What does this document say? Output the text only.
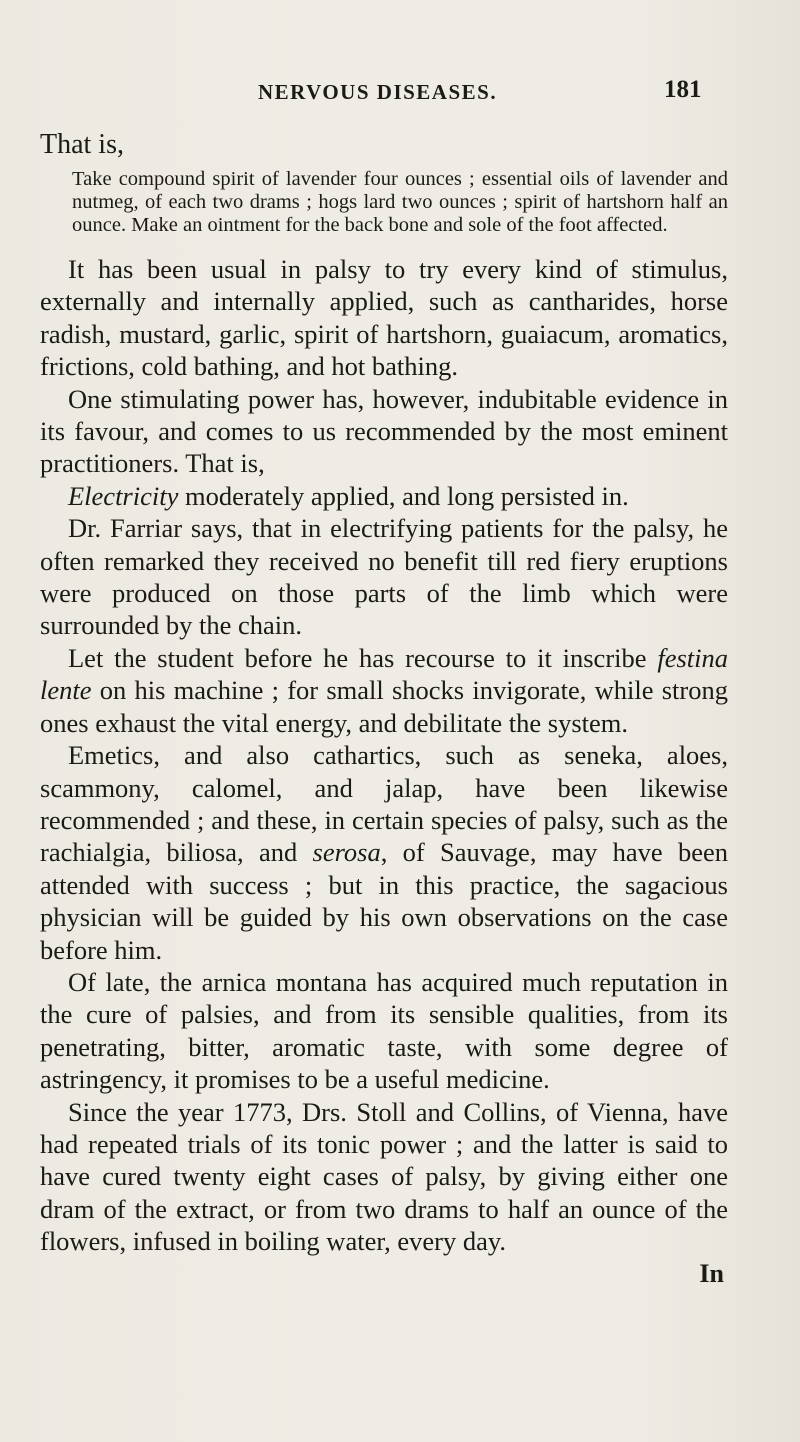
NERVOUS DISEASES.	181

That is,

Take compound spirit of lavender four ounces ; essential oils of lavender and nutmeg, of each two drams ; hogs lard two ounces ; spirit of hartshorn half an ounce. Make an ointment for the back bone and sole of the foot affected.

It has been usual in palsy to try every kind of stimulus, externally and internally applied, such as cantharides, horse radish, mustard, garlic, spirit of hartshorn, guaiacum, aromatics, frictions, cold bathing, and hot bathing.

One stimulating power has, however, indubitable evidence in its favour, and comes to us recommended by the most eminent practitioners. That is,

Electricity moderately applied, and long persisted in.

Dr. Farriar says, that in electrifying patients for the palsy, he often remarked they received no benefit till red fiery eruptions were produced on those parts of the limb which were surrounded by the chain.

Let the student before he has recourse to it inscribe festina lente on his machine ; for small shocks invigorate, while strong ones exhaust the vital energy, and debilitate the system.

Emetics, and also cathartics, such as seneka, aloes, scammony, calomel, and jalap, have been likewise recommended ; and these, in certain species of palsy, such as the rachialgia, biliosa, and serosa, of Sauvage, may have been attended with success ; but in this practice, the sagacious physician will be guided by his own observations on the case before him.

Of late, the arnica montana has acquired much reputation in the cure of palsies, and from its sensible qualities, from its penetrating, bitter, aromatic taste, with some degree of astringency, it promises to be a useful medicine.

Since the year 1773, Drs. Stoll and Collins, of Vienna, have had repeated trials of its tonic power ; and the latter is said to have cured twenty eight cases of palsy, by giving either one dram of the extract, or from two drams to half an ounce of the flowers, infused in boiling water, every day.

In
